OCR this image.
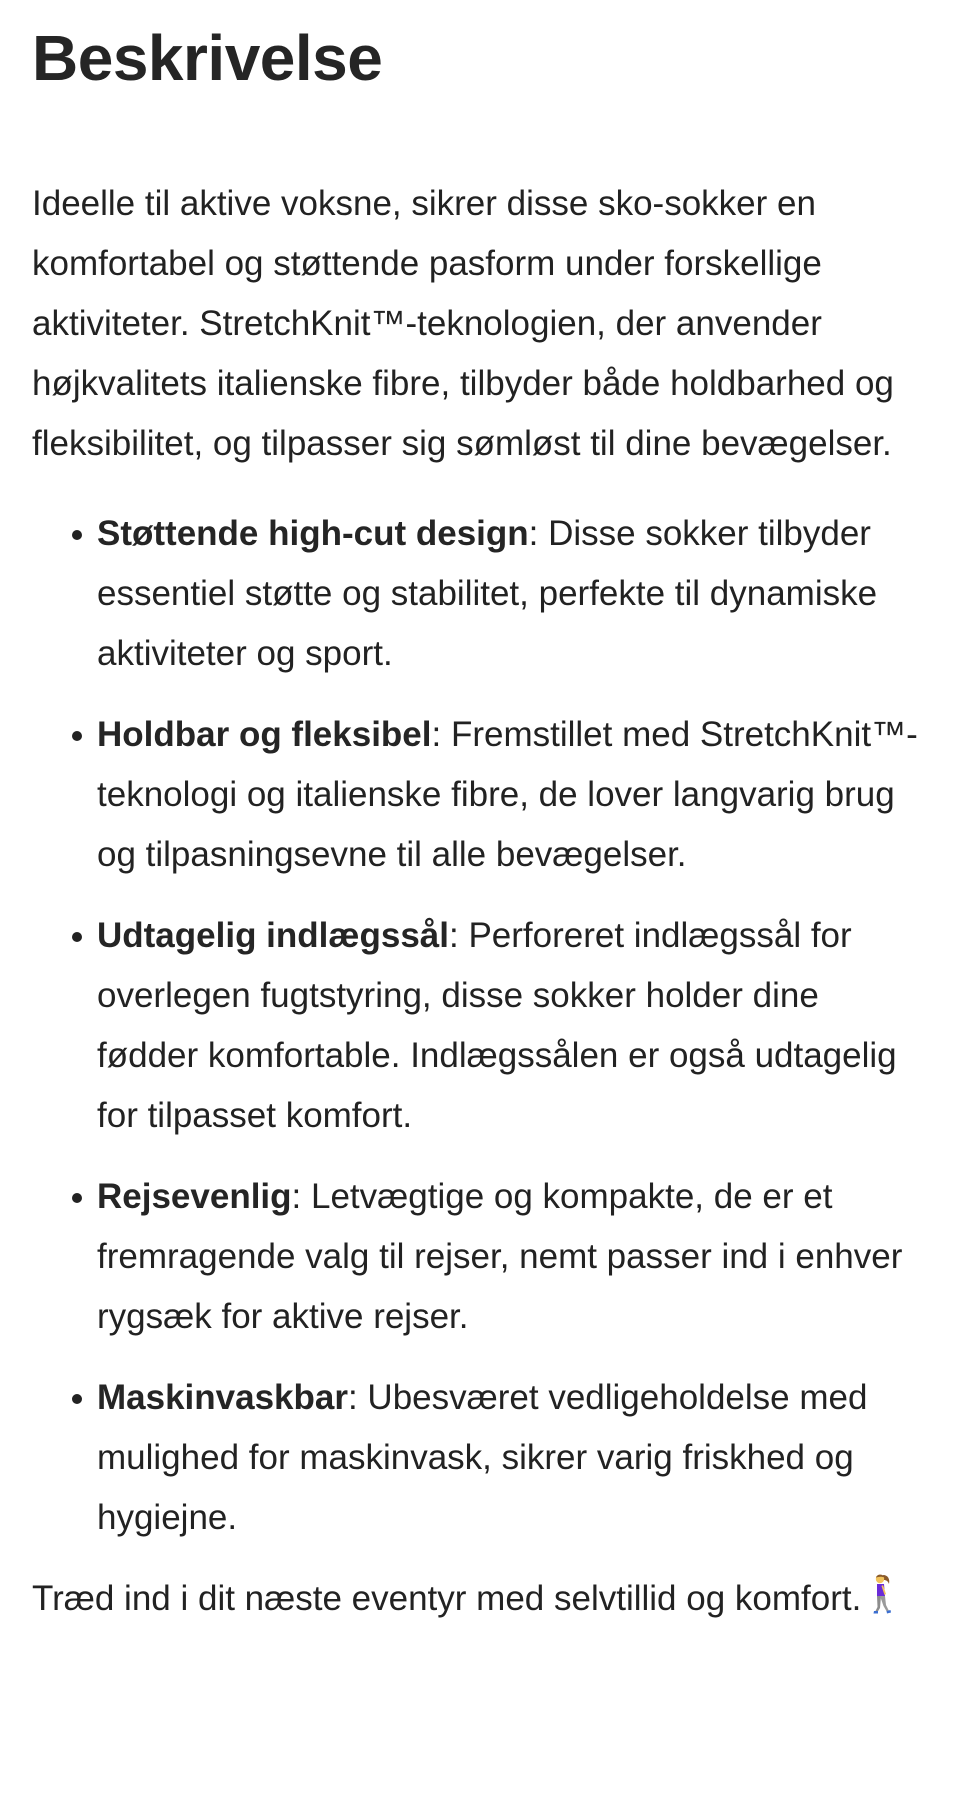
Beskrivelse

Ideelle til aktive voksne, sikrer disse sko-sokker en komfortabel og støttende pasform under forskellige aktiviteter. StretchKnit™-teknologien, der anvender højkvalitets italienske fibre, tilbyder både holdbarhed og fleksibilitet, og tilpasser sig sømløst til dine bevægelser.

Støttende high-cut design: Disse sokker tilbyder essentiel støtte og stabilitet, perfekte til dynamiske aktiviteter og sport.
Holdbar og fleksibel: Fremstillet med StretchKnit™-teknologi og italienske fibre, de lover langvarig brug og tilpasningsevne til alle bevægelser.
Udtagelig indlægssål: Perforeret indlægssål for overlegen fugtstyring, disse sokker holder dine fødder komfortable. Indlægssålen er også udtagelig for tilpasset komfort.
Rejsevenlig: Letvægtige og kompakte, de er et fremragende valg til rejser, nemt passer ind i enhver rygsæk for aktive rejser.
Maskinvaskbar: Ubesværet vedligeholdelse med mulighed for maskinvask, sikrer varig friskhed og hygiejne.

Træd ind i dit næste eventyr med selvtillid og komfort.
